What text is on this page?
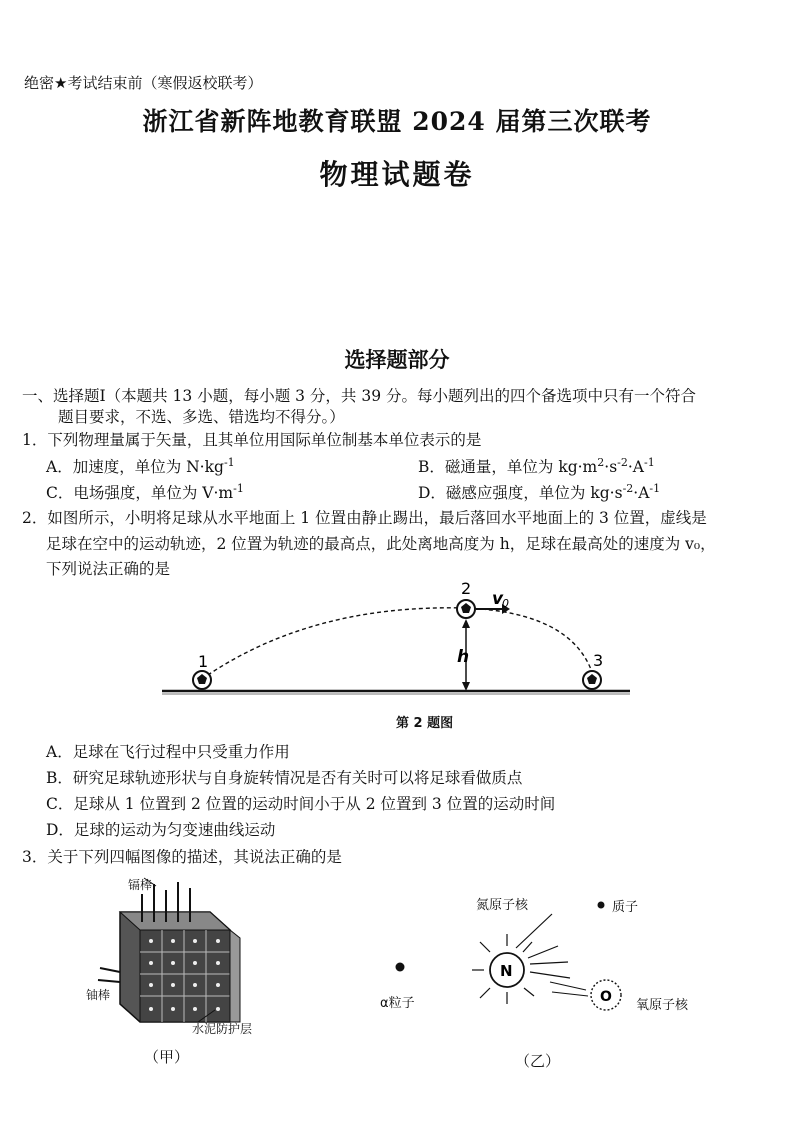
绝密★考试结束前（寒假返校联考）
浙江省新阵地教育联盟 2024 届第三次联考
物理试题卷
选择题部分
一、选择题Ⅰ（本题共 13 小题，每小题 3 分，共 39 分。每小题列出的四个备选项中只有一个符合
题目要求，不选、多选、错选均不得分。）
1．下列物理量属于矢量，且其单位用国际单位制基本单位表示的是
A．加速度，单位为 $N\cdot kg^{-1}$	B．磁通量，单位为 $kg\cdot m^2\cdot s^{-2}\cdot A^{-1}$
C．电场强度，单位为 $V\cdot m^{-1}$	D．磁感应强度，单位为 $kg\cdot s^{-2}\cdot A^{-1}$
2．如图所示，小明将足球从水平地面上 1 位置由静止踢出，最后落回水平地面上的 3 位置，虚线是
足球在空中的运动轨迹，2 位置为轨迹的最高点，此处离地高度为 h，足球在最高处的速度为 v₀，
下列说法正确的是
1
2
3
h
v
0
第 2 题图
A．足球在飞行过程中只受重力作用
B．研究足球轨迹形状与自身旋转情况是否有关时可以将足球看做质点
C．足球从 1 位置到 2 位置的运动时间小于从 2 位置到 3 位置的运动时间
D．足球的运动为匀变速曲线运动
3．关于下列四幅图像的描述，其说法正确的是
镉棒
铀棒
水泥防护层
（甲）
N
O
氮原子核	质子
α粒子	氧原子核
（乙）
